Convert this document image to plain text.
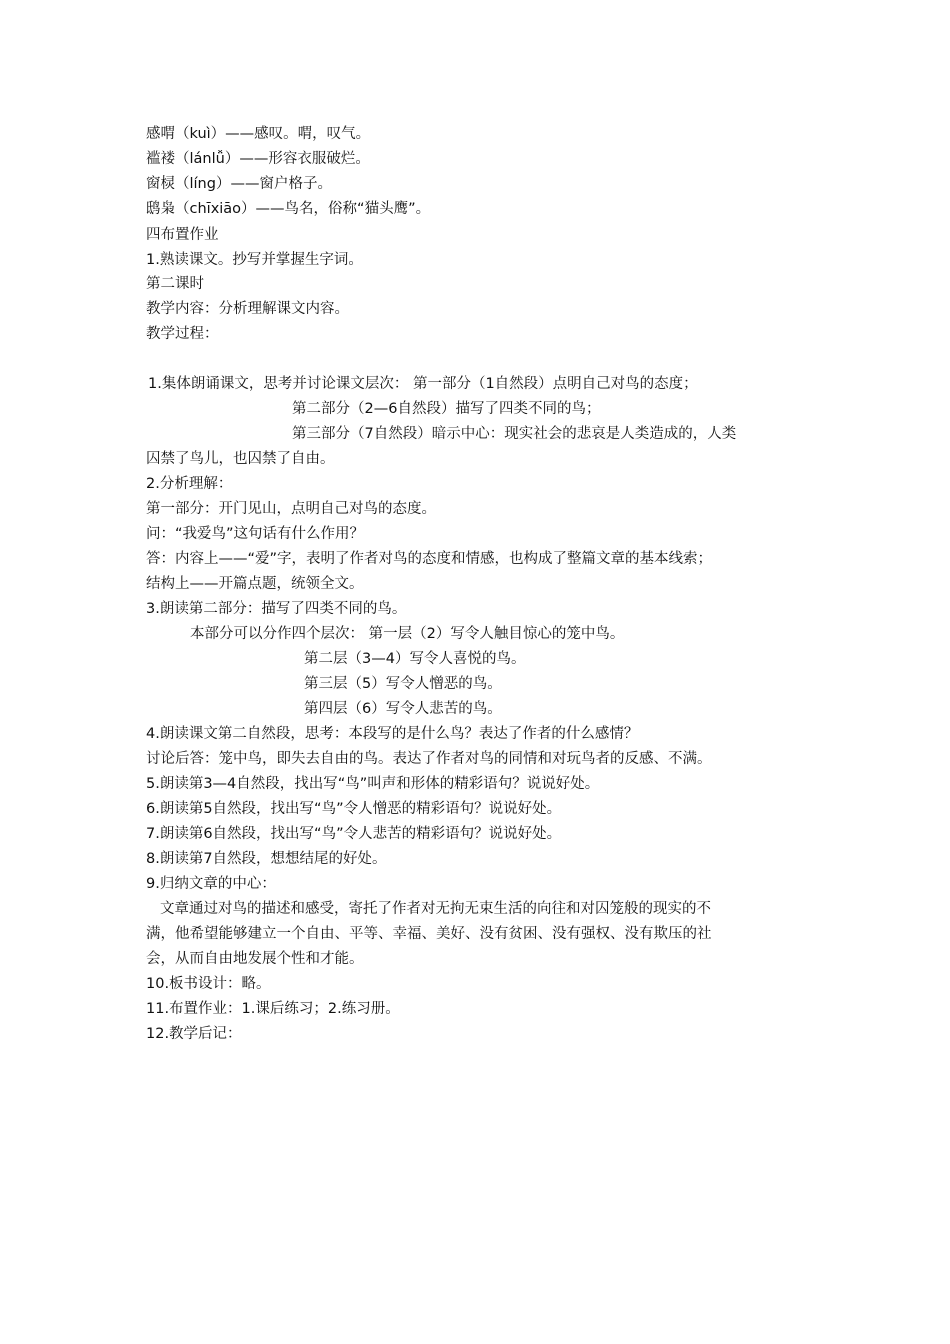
感喟（kuì）——感叹。喟，叹气。
褴褛（lánlǚ）——形容衣服破烂。
窗棂（líng）——窗户格子。
鸱枭（chīxiāo）——鸟名，俗称“猫头鹰”。
四布置作业
1.熟读课文。抄写并掌握生字词。
第二课时
教学内容：分析理解课文内容。
教学过程：
1.集体朗诵课文，思考并讨论课文层次： 第一部分（1自然段）点明自己对鸟的态度；
第二部分（2—6自然段）描写了四类不同的鸟；
第三部分（7自然段）暗示中心：现实社会的悲哀是人类造成的，人类
囚禁了鸟儿，也囚禁了自由。
2.分析理解：
第一部分：开门见山，点明自己对鸟的态度。
问：“我爱鸟”这句话有什么作用？
答：内容上——“爱”字，表明了作者对鸟的态度和情感，也构成了整篇文章的基本线索；
结构上——开篇点题，统领全文。
3.朗读第二部分：描写了四类不同的鸟。
本部分可以分作四个层次： 第一层（2）写令人触目惊心的笼中鸟。
第二层（3—4）写令人喜悦的鸟。
第三层（5）写令人憎恶的鸟。
第四层（6）写令人悲苦的鸟。
4.朗读课文第二自然段，思考：本段写的是什么鸟？表达了作者的什么感情？
讨论后答：笼中鸟，即失去自由的鸟。表达了作者对鸟的同情和对玩鸟者的反感、不满。
5.朗读第3—4自然段，找出写“鸟”叫声和形体的精彩语句？说说好处。
6.朗读第5自然段，找出写“鸟”令人憎恶的精彩语句？说说好处。
7.朗读第6自然段，找出写“鸟”令人悲苦的精彩语句？说说好处。
8.朗读第7自然段，想想结尾的好处。
9.归纳文章的中心：
文章通过对鸟的描述和感受，寄托了作者对无拘无束生活的向往和对囚笼般的现实的不
满，他希望能够建立一个自由、平等、幸福、美好、没有贫困、没有强权、没有欺压的社
会，从而自由地发展个性和才能。
10.板书设计：略。
11.布置作业：1.课后练习；2.练习册。
12.教学后记：
